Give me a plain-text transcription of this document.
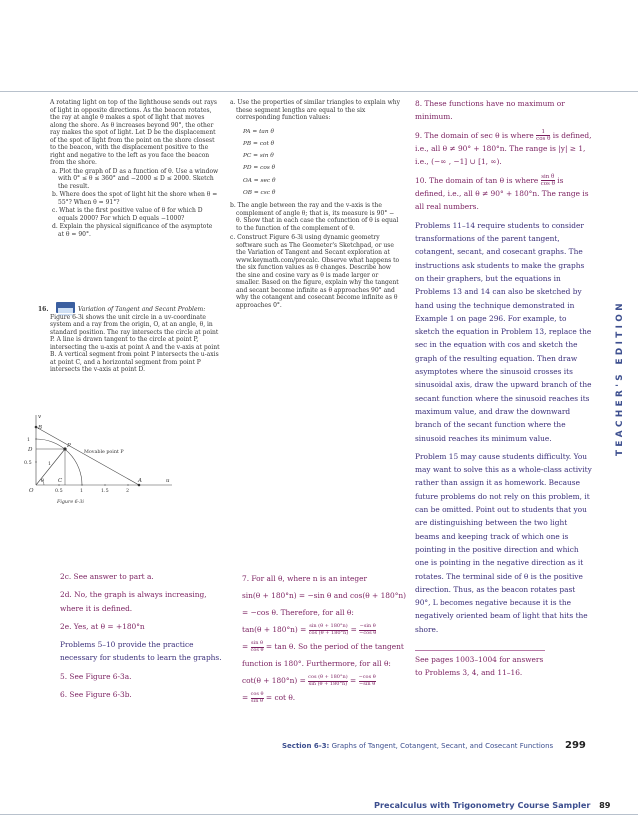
A rotating light on top of the lighthouse sends out rays of light in opposite directions. As the beacon rotates, the ray at angle θ makes a spot of light that moves along the shore. As θ increases beyond 90°, the other ray makes the spot of light. Let D be the displacement of the spot of light from the point on the shore closest to the beacon, with the displacement positive to the right and negative to the left as you face the beacon from the shore.

a. Plot the graph of D as a function of θ. Use a window with 0° ≤ θ ≤ 360° and −2000 ≤ D ≤ 2000. Sketch the result.

b. Where does the spot of light hit the shore when θ = 55°? When θ = 91°?

c. What is the first positive value of θ for which D equals 2000? For which D equals −1000?

d. Explain the physical significance of the asymptote at θ = 90°.

16.	Variation of Tangent and Secant Problem: Figure 6-3i shows the unit circle in a uv-coordinate system and a ray from the origin, O, at an angle, θ, in standard position. The ray intersects the circle at point P. A line is drawn tangent to the circle at point P, intersecting the u-axis at point A and the v-axis at point B. A vertical segment from point P intersects the u-axis at point C, and a horizontal segment from point P intersects the v-axis at point D.

v
u
B
D
P
A
C
O
θ
1
Movable point P
1
0.5
0.5	1	1.5	2
Figure 6-3i

a. Use the properties of similar triangles to explain why these segment lengths are equal to the six corresponding function values:

PA = tan θ

PB = cot θ

PC = sin θ

PD = cos θ

OA = sec θ

OB = csc θ

b. The angle between the ray and the v-axis is the complement of angle θ; that is, its measure is 90° − θ. Show that in each case the cofunction of θ is equal to the function of the complement of θ.

c. Construct Figure 6-3i using dynamic geometry software such as The Geometer's Sketchpad, or use the Variation of Tangent and Secant exploration at www.keymath.com/precalc. Observe what happens to the six function values as θ changes. Describe how the sine and cosine vary as θ is made larger or smaller. Based on the figure, explain why the tangent and secant become infinite as θ approaches 90° and why the cotangent and cosecant become infinite as θ approaches 0°.

8. These functions have no maximum or minimum.

9. The domain of sec θ is where $\frac{1}{\text{cos θ}}$ is defined, i.e., all θ ≠ 90° + 180°n. The range is |y| ≥ 1, i.e., (−∞ , −1] ∪ [1, ∞).

10. The domain of tan θ is where $\frac{\text{sin θ}}{\text{cos θ}}$ is defined, i.e., all θ ≠ 90° + 180°n. The range is all real numbers.

Problems 11–14 require students to consider transformations of the parent tangent, cotangent, secant, and cosecant graphs. The instructions ask students to make the graphs on their graphers, but the equations in Problems 13 and 14 can also be sketched by hand using the technique demonstrated in Example 1 on page 296. For example, to sketch the equation in Problem 13, replace the sec in the equation with cos and sketch the graph of the resulting equation. Then draw asymptotes where the sinusoid crosses its sinusoidal axis, draw the upward branch of the secant function where the sinusoid reaches its maximum value, and draw the downward branch of the secant function where the sinusoid reaches its minimum value.

Problem 15 may cause students difficulty. You may want to solve this as a whole-class activity rather than assign it as homework. Because future problems do not rely on this problem, it can be omitted. Point out to students that you are distinguishing between the two light beams and keeping track of which one is pointing in the positive direction and which one is pointing in the negative direction as it rotates. The terminal side of θ is the positive direction. Thus, as the beacon rotates past 90°, L becomes negative because it is the negatively oriented beam of light that hits the shore.

See pages 1003–1004 for answers to Problems 3, 4, and 11–16.

2c. See answer to part a.

2d. No, the graph is always increasing, where it is defined.

2e. Yes, at θ = +180°n

Problems 5–10 provide the practice necessary for students to learn the graphs.

5. See Figure 6-3a.

6. See Figure 6-3b.

7. For all θ, where n is an integer

sin(θ + 180°n) = −sin θ and cos(θ + 180°n)

= −cos θ. Therefore, for all θ:

$\tan(\theta + 180^\circ n) = \frac{\sin (\theta + 180^\circ n)}{\cos (\theta + 180^\circ n)} = \frac{\text{−sin θ}}{\text{−cos θ}}$

= $\frac{\text{sin θ}}{\text{cos θ}} = \tan \theta$. So the period of the tangent

function is 180°. Furthermore, for all θ:

$\cot(\theta + 180^\circ n) = \frac{\cos (\theta + 180^\circ n)}{\sin (\theta + 180^\circ n)} = \frac{\text{−cos θ}}{\text{−sin θ}}$

= $\frac{\text{cos θ}}{\text{sin θ}} = \cot \theta$.

TEACHER'S EDITION
Section 6-3: Graphs of Tangent, Cotangent, Secant, and Cosecant Functions	299
Precalculus with Trigonometry Course Sampler 89
